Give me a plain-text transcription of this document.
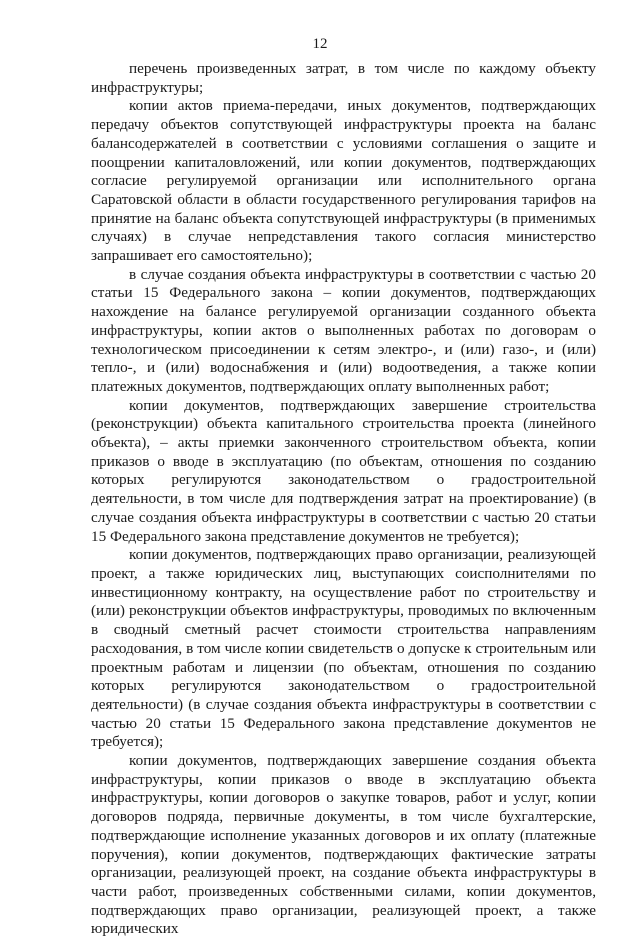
12

перечень произведенных затрат, в том числе по каждому объекту инфраструктуры;

копии актов приема-передачи, иных документов, подтверждающих передачу объектов сопутствующей инфраструктуры проекта на баланс балансодержателей в соответствии с условиями соглашения о защите и поощрении капиталовложений, или копии документов, подтверждающих согласие регулируемой организации или исполнительного органа Саратовской области в области государственного регулирования тарифов на принятие на баланс объекта сопутствующей инфраструктуры (в применимых случаях) в случае непредставления такого согласия министерство запрашивает его самостоятельно);

в случае создания объекта инфраструктуры в соответствии с частью 20 статьи 15 Федерального закона – копии документов, подтверждающих нахождение на балансе регулируемой организации созданного объекта инфраструктуры, копии актов о выполненных работах по договорам о технологическом присоединении к сетям электро-, и (или) газо-, и (или) тепло-, и (или) водоснабжения и (или) водоотведения, а также копии платежных документов, подтверждающих оплату выполненных работ;

копии документов, подтверждающих завершение строительства (реконструкции) объекта капитального строительства проекта (линейного объекта), – акты приемки законченного строительством объекта, копии приказов о вводе в эксплуатацию (по объектам, отношения по созданию которых регулируются законодательством о градостроительной деятельности, в том числе для подтверждения затрат на проектирование) (в случае создания объекта инфраструктуры в соответствии с частью 20 статьи 15 Федерального закона представление документов не требуется);

копии документов, подтверждающих право организации, реализующей проект, а также юридических лиц, выступающих соисполнителями по инвестиционному контракту, на осуществление работ по строительству и (или) реконструкции объектов инфраструктуры, проводимых по включенным в сводный сметный расчет стоимости строительства направлениям расходования, в том числе копии свидетельств о допуске к строительным или проектным работам и лицензии (по объектам, отношения по созданию которых регулируются законодательством о градостроительной деятельности) (в случае создания объекта инфраструктуры в соответствии с частью 20 статьи 15 Федерального закона представление документов не требуется);

копии документов, подтверждающих завершение создания объекта инфраструктуры, копии приказов о вводе в эксплуатацию объекта инфраструктуры, копии договоров о закупке товаров, работ и услуг, копии договоров подряда, первичные документы, в том числе бухгалтерские, подтверждающие исполнение указанных договоров и их оплату (платежные поручения), копии документов, подтверждающих фактические затраты организации, реализующей проект, на создание объекта инфраструктуры в части работ, произведенных собственными силами, копии документов, подтверждающих право организации, реализующей проект, а также юридических
